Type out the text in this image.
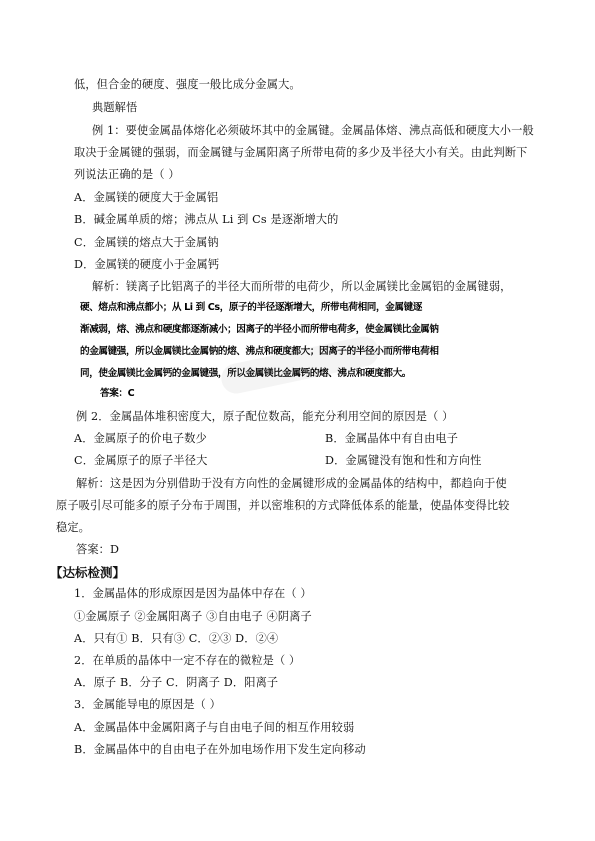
低，但合金的硬度、强度一般比成分金属大。
典题解悟
例 1：要使金属晶体熔化必须破坏其中的金属键。金属晶体熔、沸点高低和硬度大小一般
取决于金属键的强弱，而金属键与金属阳离子所带电荷的多少及半径大小有关。由此判断下
列说法正确的是（ ）
A．金属镁的硬度大于金属铝
B．碱金属单质的熔；沸点从 Li 到 Cs 是逐渐增大的
C．金属镁的熔点大于金属钠
D．金属镁的硬度小于金属钙
解析：镁离子比铝离子的半径大而所带的电荷少，所以金属镁比金属铝的金属键弱，
硬、熔点和沸点都小；从 Li 到 Cs，原子的半径逐渐增大，所带电荷相同，金属键逐
渐减弱，熔、沸点和硬度都逐渐减小；因离子的半径小而所带电荷多，使金属镁比金属钠
的金属键强，所以金属镁比金属钠的熔、沸点和硬度都大；因离子的半径小而所带电荷相
同，使金属镁比金属钙的金属键强，所以金属镁比金属钙的熔、沸点和硬度都大。
答案：C
例 2．金属晶体堆积密度大，原子配位数高，能充分利用空间的原因是（ ）
A．金属原子的价电子数少	B．金属晶体中有自由电子
C．金属原子的原子半径大	D．金属键没有饱和性和方向性
解析：这是因为分别借助于没有方向性的金属键形成的金属晶体的结构中，都趋向于使
原子吸引尽可能多的原子分布于周围，并以密堆积的方式降低体系的能量，使晶体变得比较
稳定。
答案：D
【达标检测】
1．金属晶体的形成原因是因为晶体中存在（ ）
①金属原子 ②金属阳离子 ③自由电子 ④阴离子
A．只有① B．只有③ C．②③ D．②④
2．在单质的晶体中一定不存在的微粒是（ ）
A．原子 B．分子 C．阴离子 D．阳离子
3．金属能导电的原因是（ ）
A．金属晶体中金属阳离子与自由电子间的相互作用较弱
B．金属晶体中的自由电子在外加电场作用下发生定向移动
